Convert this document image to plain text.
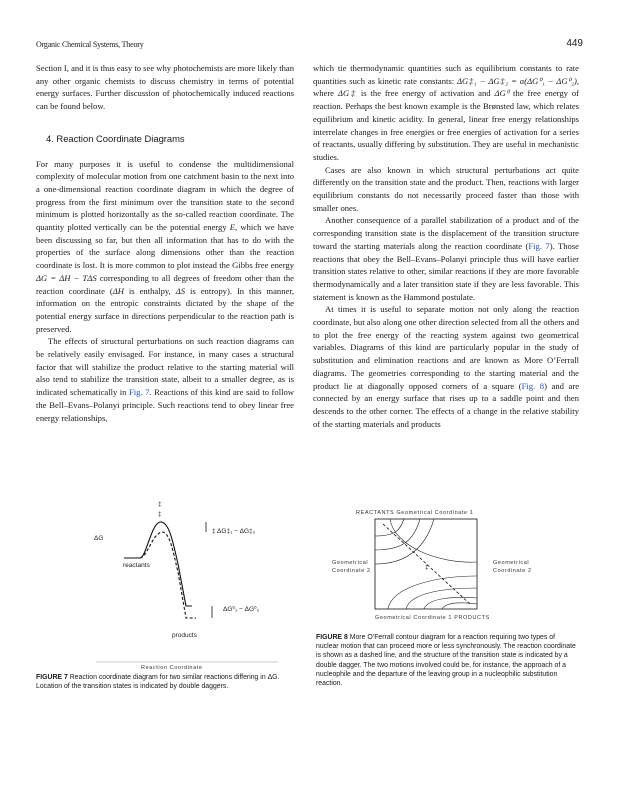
Organic Chemical Systems, Theory	449

Section I, and it is thus easy to see why photochemists are more likely than any other organic chemists to discuss chemistry in terms of potential energy surfaces. Further discussion of photochemically induced reactions can be found below.

4. Reaction Coordinate Diagrams

For many purposes it is useful to condense the multidimensional complexity of molecular motion from one catchment basin to the next into a one-dimensional reaction coordinate diagram in which the degree of progress from the first minimum over the transition state to the second minimum is plotted horizontally as the so-called reaction coordinate. The quantity plotted vertically can be the potential energy E, which we have been discussing so far, but then all information that has to do with the properties of the surface along dimensions other than the reaction coordinate is lost. It is more common to plot instead the Gibbs free energy ΔG = ΔH − TΔS corresponding to all degrees of freedom other than the reaction coordinate (ΔH is enthalpy, ΔS is entropy). In this manner, information on the entropic constraints dictated by the shape of the potential energy surface in directions perpendicular to the reaction path is preserved.

The effects of structural perturbations on such reaction diagrams can be relatively easily envisaged. For instance, in many cases a structural factor that will stabilize the product relative to the starting material will also tend to stabilize the transition state, albeit to a smaller degree, as is indicated schematically in Fig. 7. Reactions of this kind are said to follow the Bell–Evans–Polanyi principle. Such reactions tend to obey linear free energy relationships,

which tie thermodynamic quantities such as equilibrium constants to rate quantities such as kinetic rate constants: ΔG‡₁ − ΔG‡₂ = α(ΔG⁰₁ − ΔG⁰₂), where ΔG‡ is the free energy of activation and ΔG⁰ the free energy of reaction. Perhaps the best known example is the Brønsted law, which relates equilibrium and kinetic acidity. In general, linear free energy relationships interrelate changes in free energies or free energies of activation for a series of reactants, usually differing by substitution. They are useful in mechanistic studies.

Cases are also known in which structural perturbations act quite differently on the transition state and the product. Then, reactions with larger equilibrium constants do not necessarily proceed faster than those with smaller ones.

Another consequence of a parallel stabilization of a product and of the corresponding transition state is the displacement of the transition structure toward the starting materials along the reaction coordinate (Fig. 7). Those reactions that obey the Bell–Evans–Polanyi principle thus will have earlier transition states relative to other, similar reactions if they are more favorable thermodynamically and a later transition state if they are less favorable. This statement is known as the Hammond postulate.

At times it is useful to separate motion not only along the reaction coordinate, but also along one other direction selected from all the others and to plot the free energy of the reacting system against two geometrical variables. Diagrams of this kind are particularly popular in the study of substitution and elimination reactions and are known as More O’Ferrall diagrams. The geometries corresponding to the starting material and the product lie at diagonally opposed corners of a square (Fig. 8) and are connected by an energy surface that rises up to a saddle point and then descends to the other corner. The effects of a change in the relative stability of the starting materials and products

ΔG
reactants
products
‡ ΔG‡₁ − ΔG‡₂
ΔG⁰₁ − ΔG⁰₂
‡
‡
Reaction Coordinate
REACTANTS Geometrical Coordinate 1
‡
Geometrical
Coordinate 2
Geometrical
Coordinate 2
Geometrical Coordinate 1 PRODUCTS
FIGURE 7 Reaction coordinate diagram for two similar reactions differing in ΔG. Location of the transition states is indicated by double daggers.
FIGURE 8 More O’Ferrall contour diagram for a reaction requiring two types of nuclear motion that can proceed more or less synchronously. The reaction coordinate is shown as a dashed line, and the structure of the transition state is indicated by a double dagger. The two motions involved could be, for instance, the approach of a nucleophile and the departure of the leaving group in a nucleophilic substitution reaction.
